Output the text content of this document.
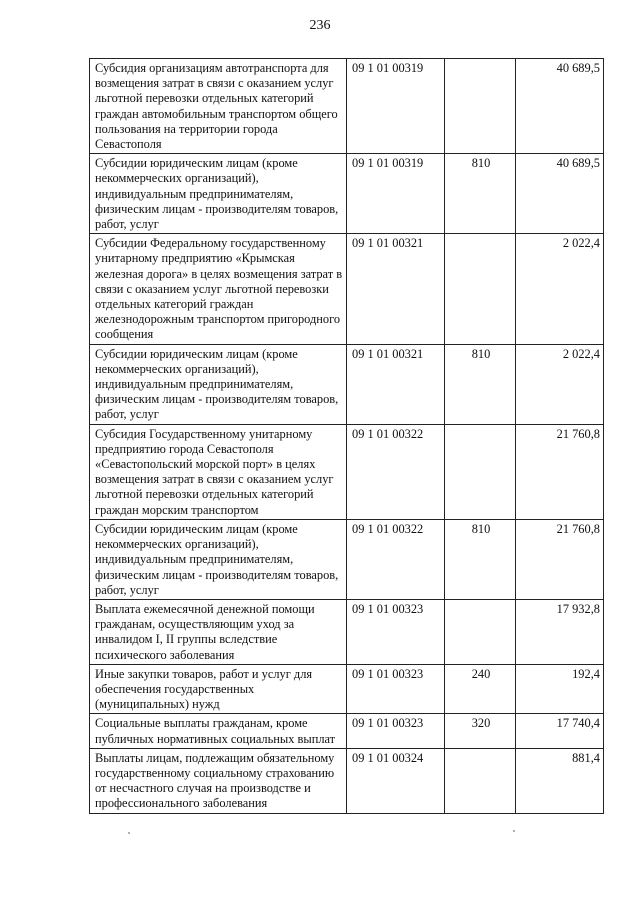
236
Субсидия организациям автотранспорта для возмещения затрат в связи с оказанием услуг льготной перевозки отдельных категорий граждан автомобильным транспортом общего пользования на территории города Севастополя	09 1 01 00319		40 689,5
Субсидии юридическим лицам (кроме некоммерческих организаций), индивидуальным предпринимателям, физическим лицам - производителям товаров, работ, услуг	09 1 01 00319	810	40 689,5
Субсидии Федеральному государственному унитарному предприятию «Крымская железная дорога» в целях возмещения затрат в связи с оказанием услуг льготной перевозки отдельных категорий граждан железнодорожным транспортом пригородного сообщения	09 1 01 00321		2 022,4
Субсидии юридическим лицам (кроме некоммерческих организаций), индивидуальным предпринимателям, физическим лицам - производителям товаров, работ, услуг	09 1 01 00321	810	2 022,4
Субсидия Государственному унитарному предприятию города Севастополя «Севастопольский морской порт» в целях возмещения затрат в связи с оказанием услуг льготной перевозки отдельных категорий граждан морским транспортом	09 1 01 00322		21 760,8
Субсидии юридическим лицам (кроме некоммерческих организаций), индивидуальным предпринимателям, физическим лицам - производителям товаров, работ, услуг	09 1 01 00322	810	21 760,8
Выплата ежемесячной денежной помощи гражданам, осуществляющим уход за инвалидом I, II группы вследствие психического заболевания	09 1 01 00323		17 932,8
Иные закупки товаров, работ и услуг для обеспечения государственных (муниципальных) нужд	09 1 01 00323	240	192,4
Социальные выплаты гражданам, кроме публичных нормативных социальных выплат	09 1 01 00323	320	17 740,4
Выплаты лицам, подлежащим обязательному государственному социальному страхованию от несчастного случая на производстве и профессионального заболевания	09 1 01 00324		881,4
